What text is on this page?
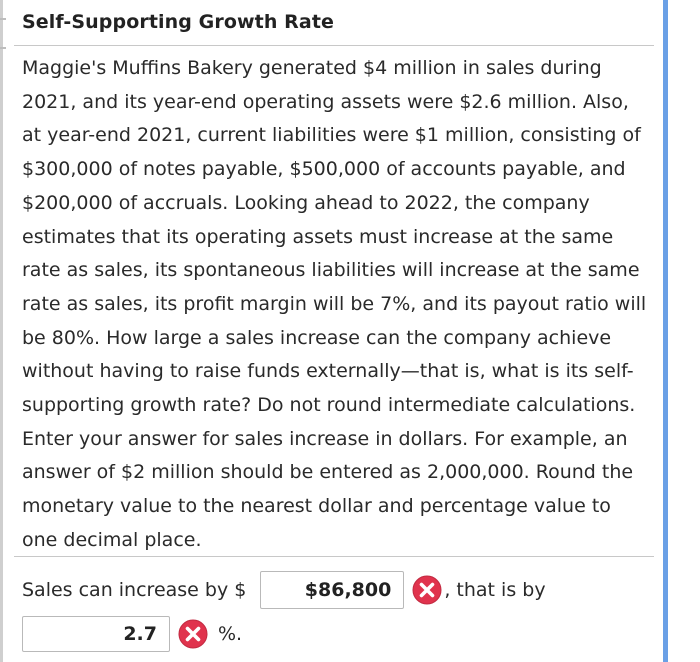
Self-Supporting Growth Rate

Maggie's Muffins Bakery generated $4 million in sales during 2021, and its year-end operating assets were $2.6 million. Also, at year-end 2021, current liabilities were $1 million, consisting of $300,000 of notes payable, $500,000 of accounts payable, and $200,000 of accruals. Looking ahead to 2022, the company estimates that its operating assets must increase at the same rate as sales, its spontaneous liabilities will increase at the same rate as sales, its profit margin will be 7%, and its payout ratio will be 80%. How large a sales increase can the company achieve without having to raise funds externally—that is, what is its self-supporting growth rate? Do not round intermediate calculations. Enter your answer for sales increase in dollars. For example, an answer of $2 million should be entered as 2,000,000. Round the monetary value to the nearest dollar and percentage value to one decimal place.

Sales can increase by $	$86,800	, that is by
2.7	%.
